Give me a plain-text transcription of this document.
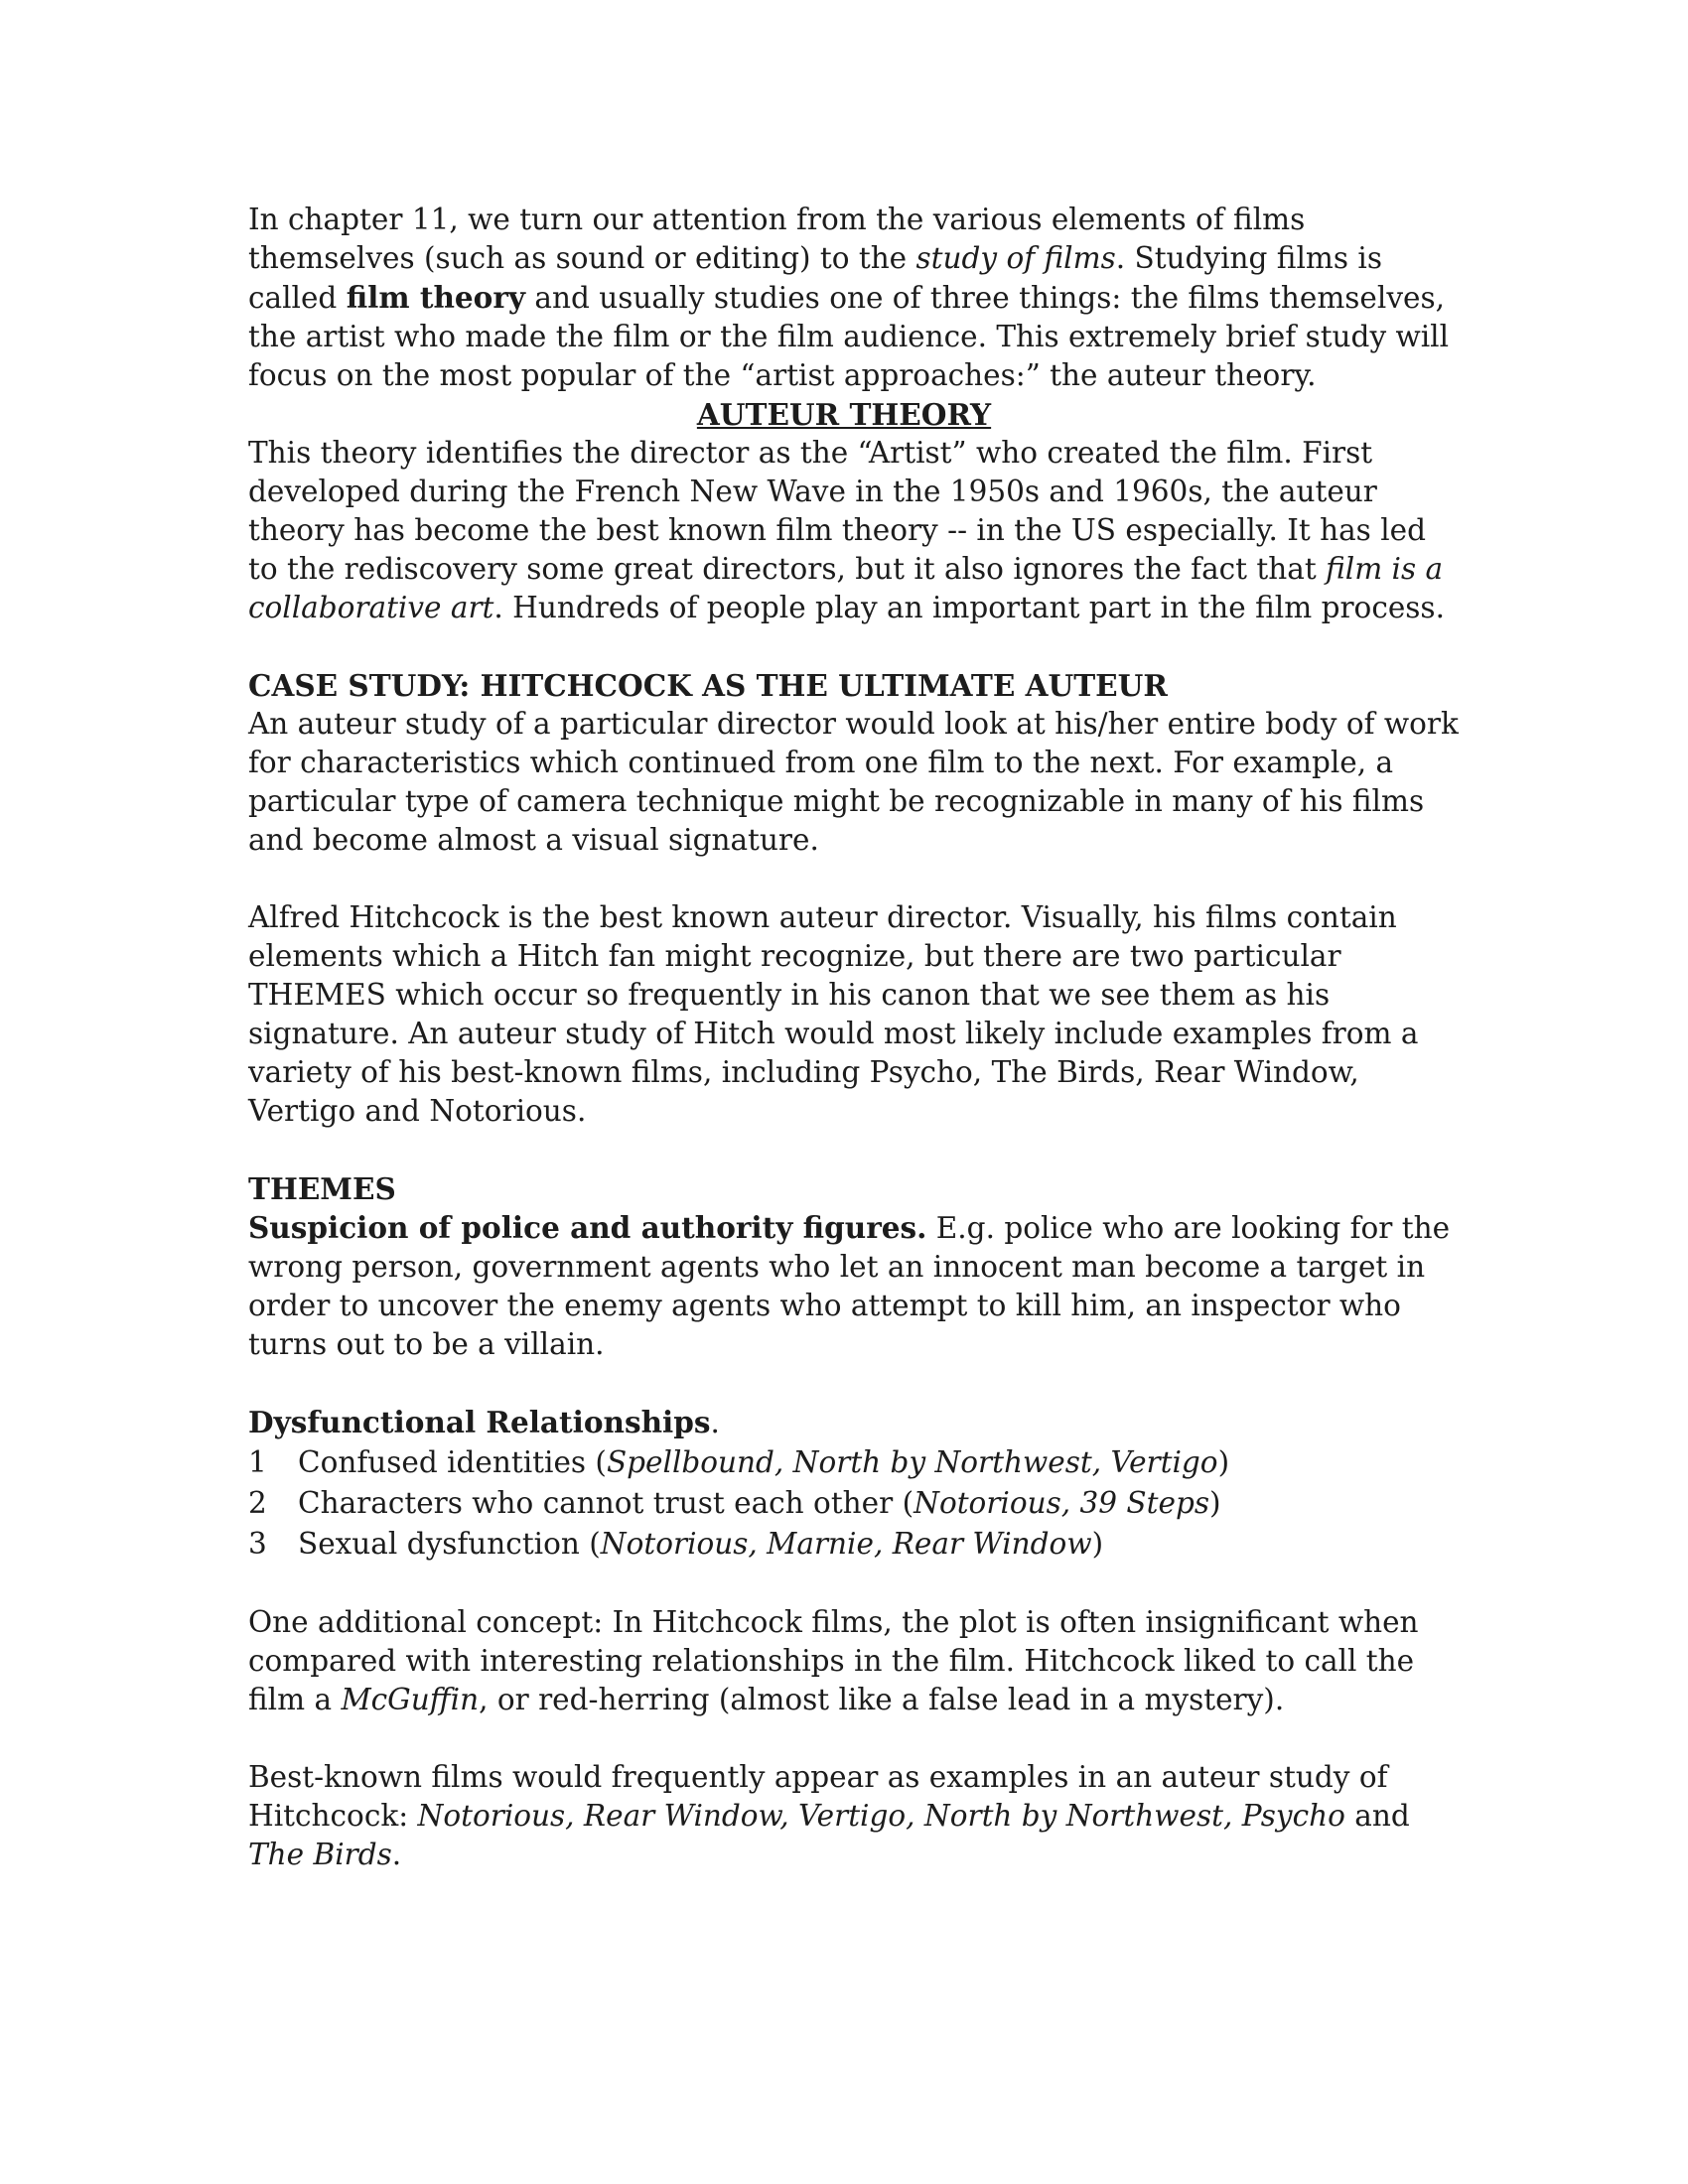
In chapter 11, we turn our attention from the various elements of films themselves (such as sound or editing) to the study of films. Studying films is called film theory and usually studies one of three things: the films themselves, the artist who made the film or the film audience. This extremely brief study will focus on the most popular of the “artist approaches:” the auteur theory.

AUTEUR THEORY

This theory identifies the director as the “Artist” who created the film. First developed during the French New Wave in the 1950s and 1960s, the auteur theory has become the best known film theory -- in the US especially. It has led to the rediscovery some great directors, but it also ignores the fact that film is a collaborative art. Hundreds of people play an important part in the film process.

CASE STUDY: HITCHCOCK AS THE ULTIMATE AUTEUR

An auteur study of a particular director would look at his/her entire body of work for characteristics which continued from one film to the next. For example, a particular type of camera technique might be recognizable in many of his films and become almost a visual signature.

Alfred Hitchcock is the best known auteur director. Visually, his films contain elements which a Hitch fan might recognize, but there are two particular THEMES which occur so frequently in his canon that we see them as his signature. An auteur study of Hitch would most likely include examples from a variety of his best-known films, including Psycho, The Birds, Rear Window, Vertigo and Notorious.

THEMES

Suspicion of police and authority figures. E.g. police who are looking for the wrong person, government agents who let an innocent man become a target in order to uncover the enemy agents who attempt to kill him, an inspector who turns out to be a villain.

Dysfunctional Relationships.

1	Confused identities (Spellbound, North by Northwest, Vertigo)
2	Characters who cannot trust each other (Notorious, 39 Steps)
3	Sexual dysfunction (Notorious, Marnie, Rear Window)

One additional concept: In Hitchcock films, the plot is often insignificant when compared with interesting relationships in the film. Hitchcock liked to call the film a McGuffin, or red-herring (almost like a false lead in a mystery).

Best-known films would frequently appear as examples in an auteur study of Hitchcock: Notorious, Rear Window, Vertigo, North by Northwest, Psycho and The Birds.
